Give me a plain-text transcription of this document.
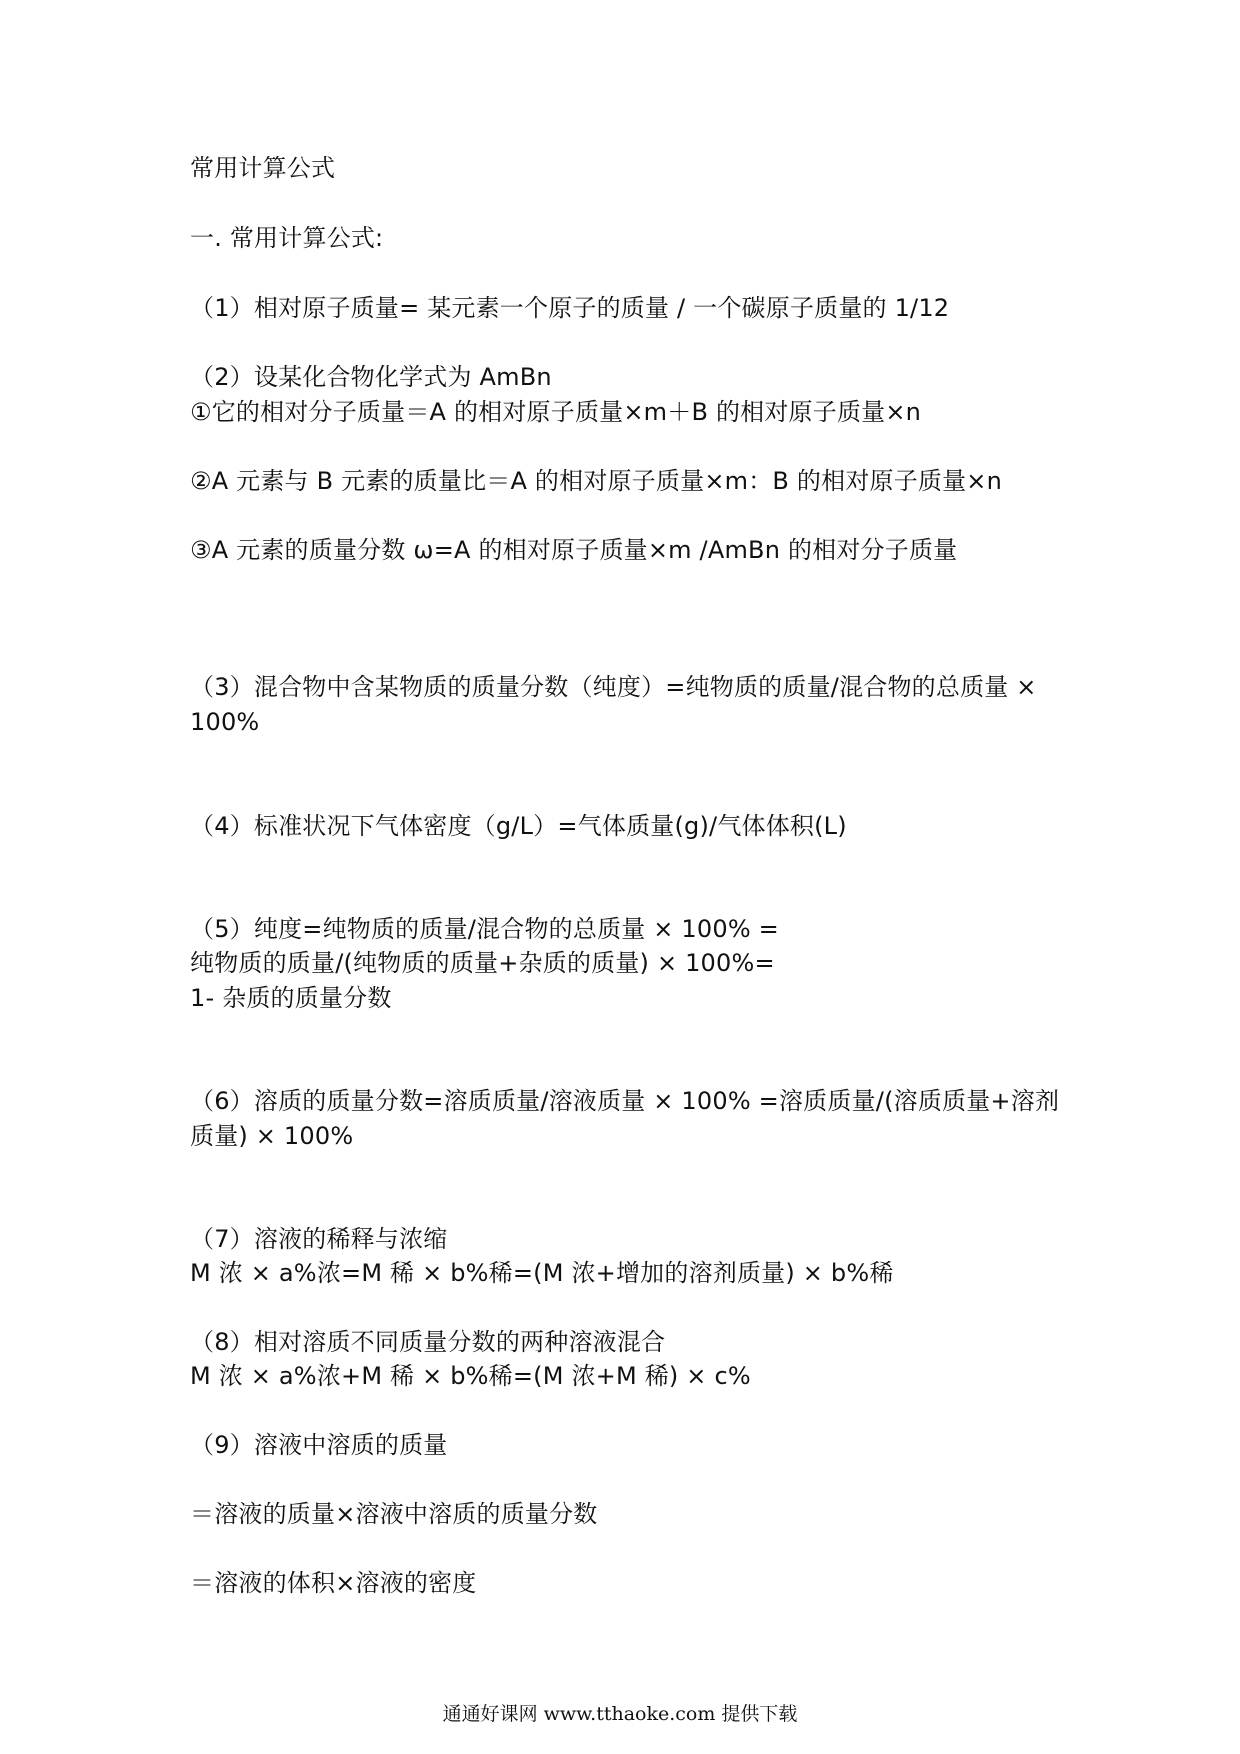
常用计算公式
一. 常用计算公式:
（1）相对原子质量= 某元素一个原子的质量 / 一个碳原子质量的 1/12
（2）设某化合物化学式为 AmBn
①它的相对分子质量＝A 的相对原子质量×m＋B 的相对原子质量×n
②A 元素与 B 元素的质量比＝A 的相对原子质量×m：B 的相对原子质量×n
③A 元素的质量分数 ω=A 的相对原子质量×m /AmBn 的相对分子质量
（3）混合物中含某物质的质量分数（纯度）=纯物质的质量/混合物的总质量 ×
100%
（4）标准状况下气体密度（g/L）=气体质量(g)/气体体积(L)
（5）纯度=纯物质的质量/混合物的总质量 × 100% =
纯物质的质量/(纯物质的质量+杂质的质量) × 100%=
1- 杂质的质量分数
（6）溶质的质量分数=溶质质量/溶液质量 × 100% =溶质质量/(溶质质量+溶剂
质量) × 100%
（7）溶液的稀释与浓缩
M 浓 × a%浓=M 稀 × b%稀=(M 浓+增加的溶剂质量) × b%稀
（8）相对溶质不同质量分数的两种溶液混合
M 浓 × a%浓+M 稀 × b%稀=(M 浓+M 稀) × c%
（9）溶液中溶质的质量
＝溶液的质量×溶液中溶质的质量分数
＝溶液的体积×溶液的密度
通通好课网 www.tthaoke.com 提供下载
